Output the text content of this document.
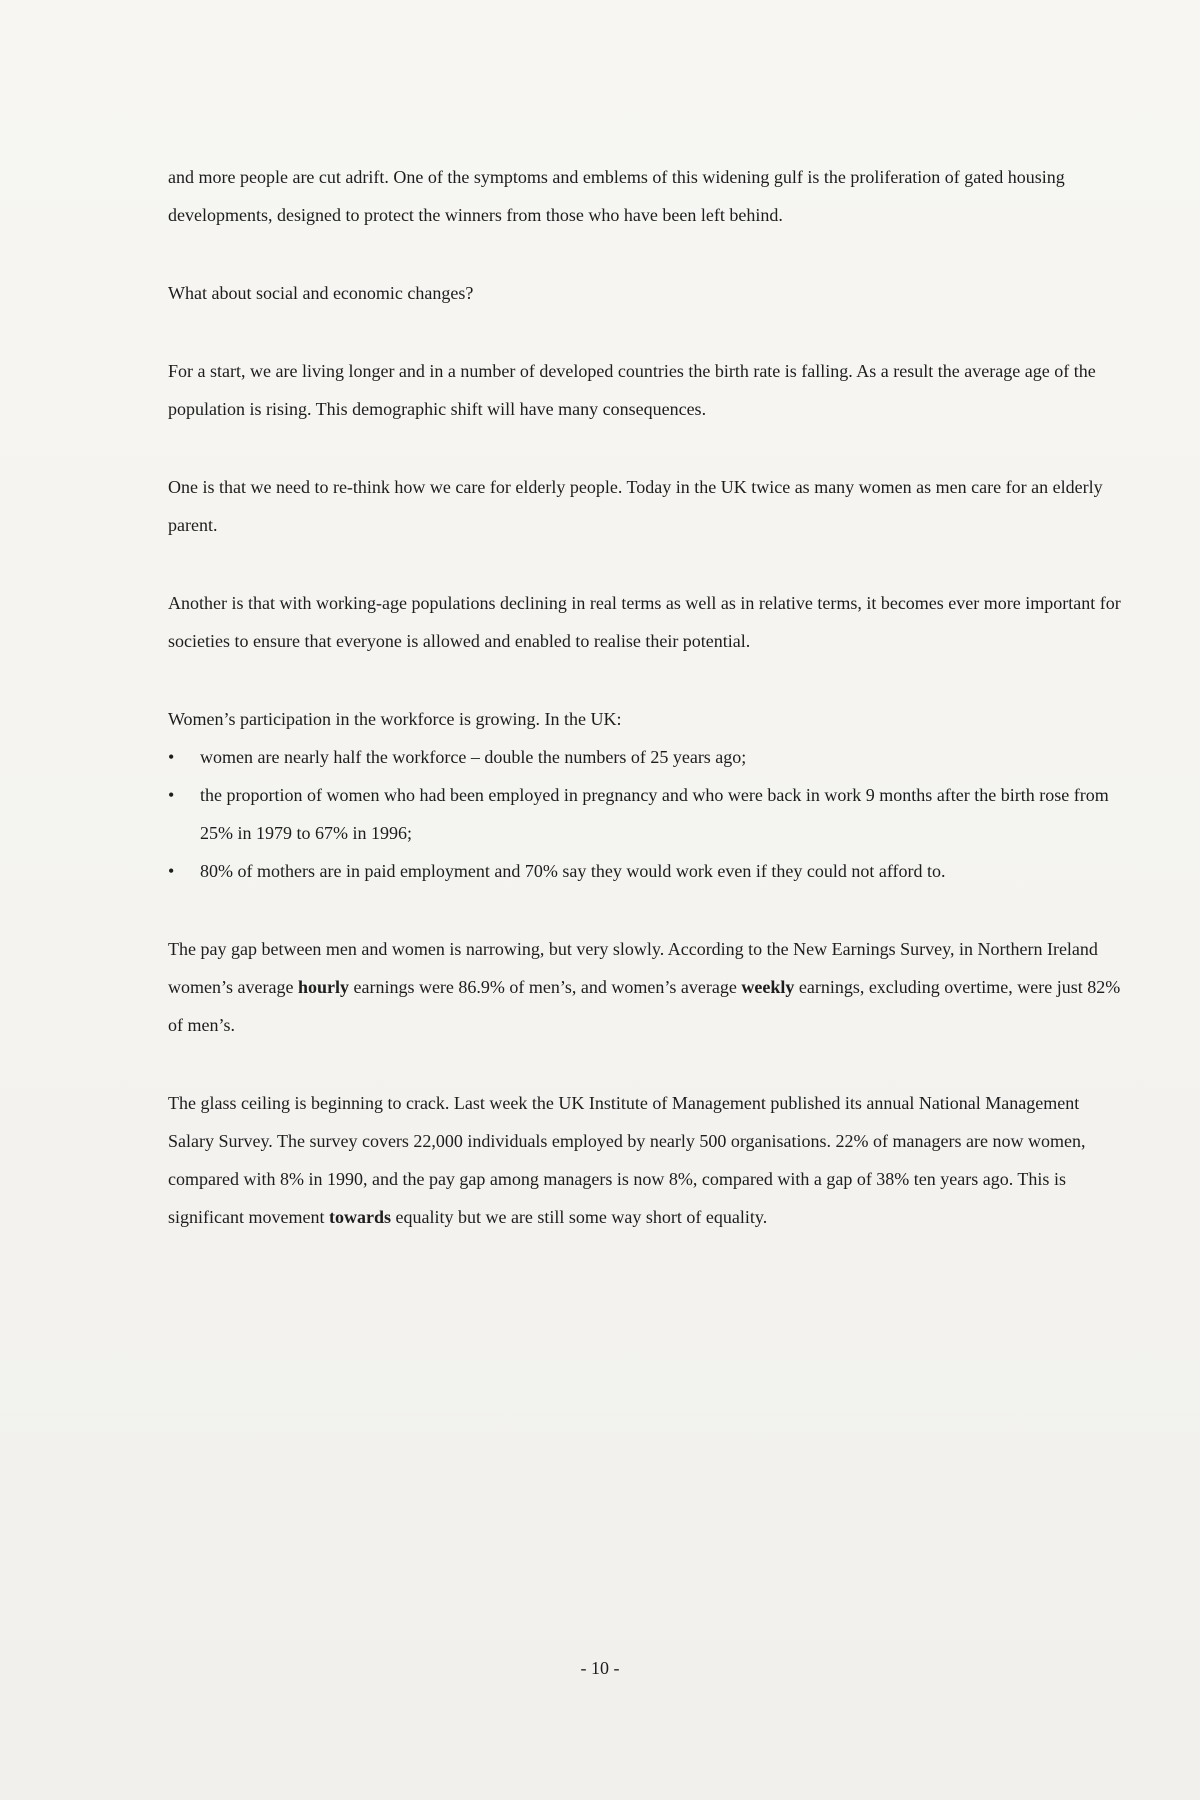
and more people are cut adrift. One of the symptoms and emblems of this widening gulf is the proliferation of gated housing developments, designed to protect the winners from those who have been left behind.

What about social and economic changes?

For a start, we are living longer and in a number of developed countries the birth rate is falling. As a result the average age of the population is rising. This demographic shift will have many consequences.

One is that we need to re-think how we care for elderly people. Today in the UK twice as many women as men care for an elderly parent.

Another is that with working-age populations declining in real terms as well as in relative terms, it becomes ever more important for societies to ensure that everyone is allowed and enabled to realise their potential.

Women’s participation in the workforce is growing. In the UK:

• women are nearly half the workforce – double the numbers of 25 years ago;
• the proportion of women who had been employed in pregnancy and who were back in work 9 months after the birth rose from 25% in 1979 to 67% in 1996;
• 80% of mothers are in paid employment and 70% say they would work even if they could not afford to.

The pay gap between men and women is narrowing, but very slowly. According to the New Earnings Survey, in Northern Ireland women’s average hourly earnings were 86.9% of men’s, and women’s average weekly earnings, excluding overtime, were just 82% of men’s.

The glass ceiling is beginning to crack. Last week the UK Institute of Management published its annual National Management Salary Survey. The survey covers 22,000 individuals employed by nearly 500 organisations. 22% of managers are now women, compared with 8% in 1990, and the pay gap among managers is now 8%, compared with a gap of 38% ten years ago. This is significant movement towards equality but we are still some way short of equality.

- 10 -
